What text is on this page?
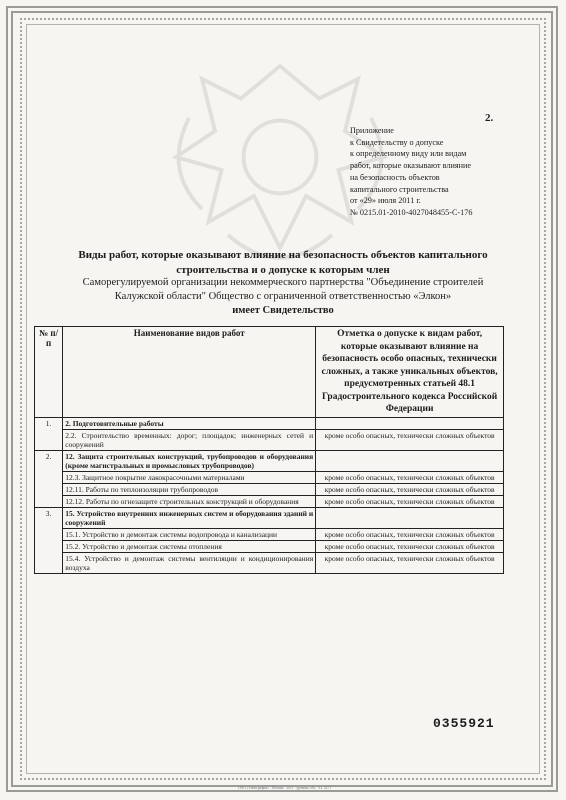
2.
Приложение
к Свидетельству о допуске
к определенному виду или видам
работ, которые оказывают влияние
на безопасность объектов
капитального строительства
от «29» июля 2011 г.
№ 0215.01-2010-4027048455-С-176
Виды работ, которые оказывают влияние на безопасность объектов капитального
строительства и о допуске к которым член
Саморегулируемой организации некоммерческого партнерства "Объединение строителей
Калужской области" Общество с ограниченной ответственностью «Элкон»
имеет Свидетельство
№ п/п	Наименование видов работ	Отметка о допуске к видам работ, которые оказывают влияние на безопасность особо опасных, технически сложных, а также уникальных объектов, предусмотренных статьей 48.1 Градостроительного кодекса Российской Федерации
1.	2. Подготовительные работы	
	2.2. Строительство временных: дорог; площадок; инженерных сетей и сооружений	кроме особо опасных, технически сложных объектов
2.	12. Защита строительных конструкций, трубопроводов и оборудования (кроме магистральных и промысловых трубопроводов)	
	12.3. Защитное покрытие лакокрасочными материалами	кроме особо опасных, технически сложных объектов
	12.11. Работы по теплоизоляции трубопроводов	кроме особо опасных, технически сложных объектов
	12.12. Работы по огнезащите строительных конструкций и оборудования	кроме особо опасных, технически сложных объектов
3.	15. Устройство внутренних инженерных систем и оборудования зданий и сооружений	
	15.1. Устройство и демонтаж системы водопровода и канализации	кроме особо опасных, технически сложных объектов
	15.2. Устройство и демонтаж системы отопления	кроме особо опасных, технически сложных объектов
	15.4. Устройство и демонтаж системы вентиляции и кондиционирования воздуха	кроме особо опасных, технически сложных объектов
0355921
ООО «Типография» · Москва · 2011 · уровень «В» · т.з. 4271
